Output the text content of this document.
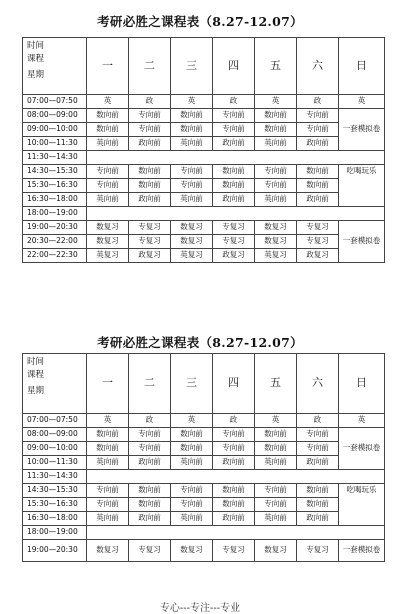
考研必胜之课程表（8.27-12.07）
时间
课程
星期	一	二	三	四	五	六	日
07:00—07:50	英	政	英	政	英	政	英
08:00—09:00	数向前	专向前	数向前	专向前	数向前	专向前	一套模拟卷
09:00—10:00	数向前	专向前	数向前	专向前	数向前	专向前	
10:00—11:30	英向前	政向前	英向前	政向前	英向前	政向前	
11:30—14:30							
14:30—15:30	专向前	数向前	专向前	数向前	专向前	数向前	吃喝玩乐
15:30—16:30	专向前	数向前	专向前	数向前	专向前	数向前	
16:30—18:00	英向前	政向前	英向前	政向前	英向前	政向前	
18:00—19:00							
19:00—20:30	数复习	专复习	数复习	专复习	数复习	专复习	一套模拟卷
20:30—22:00	数复习	专复习	数复习	专复习	数复习	专复习	
22:00—22:30	英复习	政复习	英复习	政复习	英复习	政复习	
考研必胜之课程表（8.27-12.07）
时间
课程
星期	一	二	三	四	五	六	日
07:00—07:50	英	政	英	政	英	政	英
08:00—09:00	数向前	专向前	数向前	专向前	数向前	专向前	一套模拟卷
09:00—10:00	数向前	专向前	数向前	专向前	数向前	专向前	
10:00—11:30	英向前	政向前	英向前	政向前	英向前	政向前	
11:30—14:30							
14:30—15:30	专向前	数向前	专向前	数向前	专向前	数向前	吃喝玩乐
15:30—16:30	专向前	数向前	专向前	数向前	专向前	数向前	
16:30—18:00	英向前	政向前	英向前	政向前	英向前	政向前	
18:00—19:00							
19:00—20:30	数复习	专复习	数复习	专复习	数复习	专复习	一套模拟卷
专心---专注---专业
